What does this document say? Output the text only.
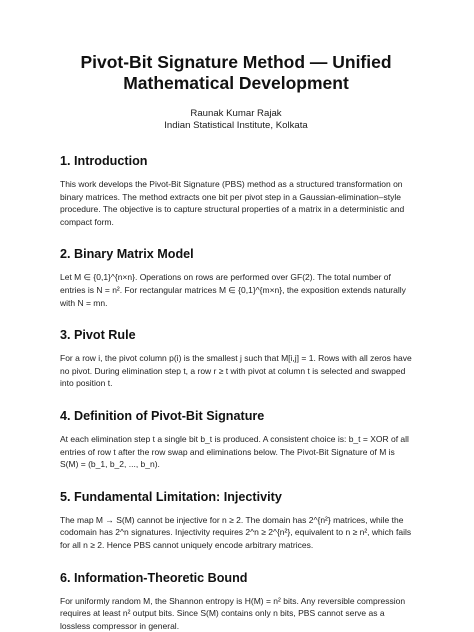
Pivot-Bit Signature Method — Unified

Mathematical Development

Raunak Kumar Rajak
Indian Statistical Institute, Kolkata
1. Introduction

This work develops the Pivot-Bit Signature (PBS) method as a structured transformation on binary matrices. The method extracts one bit per pivot step in a Gaussian-elimination–style procedure. The objective is to capture structural properties of a matrix in a deterministic and compact form.

2. Binary Matrix Model

Let M ∈ {0,1}^{n×n}. Operations on rows are performed over GF(2). The total number of entries is N = n². For rectangular matrices M ∈ {0,1}^{m×n}, the exposition extends naturally with N = mn.

3. Pivot Rule

For a row i, the pivot column p(i) is the smallest j such that M[i,j] = 1. Rows with all zeros have no pivot. During elimination step t, a row r ≥ t with pivot at column t is selected and swapped into position t.

4. Definition of Pivot-Bit Signature

At each elimination step t a single bit b_t is produced. A consistent choice is: b_t = XOR of all entries of row t after the row swap and eliminations below. The Pivot-Bit Signature of M is S(M) = (b_1, b_2, ..., b_n).

5. Fundamental Limitation: Injectivity

The map M → S(M) cannot be injective for n ≥ 2. The domain has 2^{n²} matrices, while the codomain has 2^n signatures. Injectivity requires 2^n ≥ 2^{n²}, equivalent to n ≥ n², which fails for all n ≥ 2. Hence PBS cannot uniquely encode arbitrary matrices.

6. Information-Theoretic Bound

For uniformly random M, the Shannon entropy is H(M) = n² bits. Any reversible compression requires at least n² output bits. Since S(M) contains only n bits, PBS cannot serve as a lossless compressor in general.
